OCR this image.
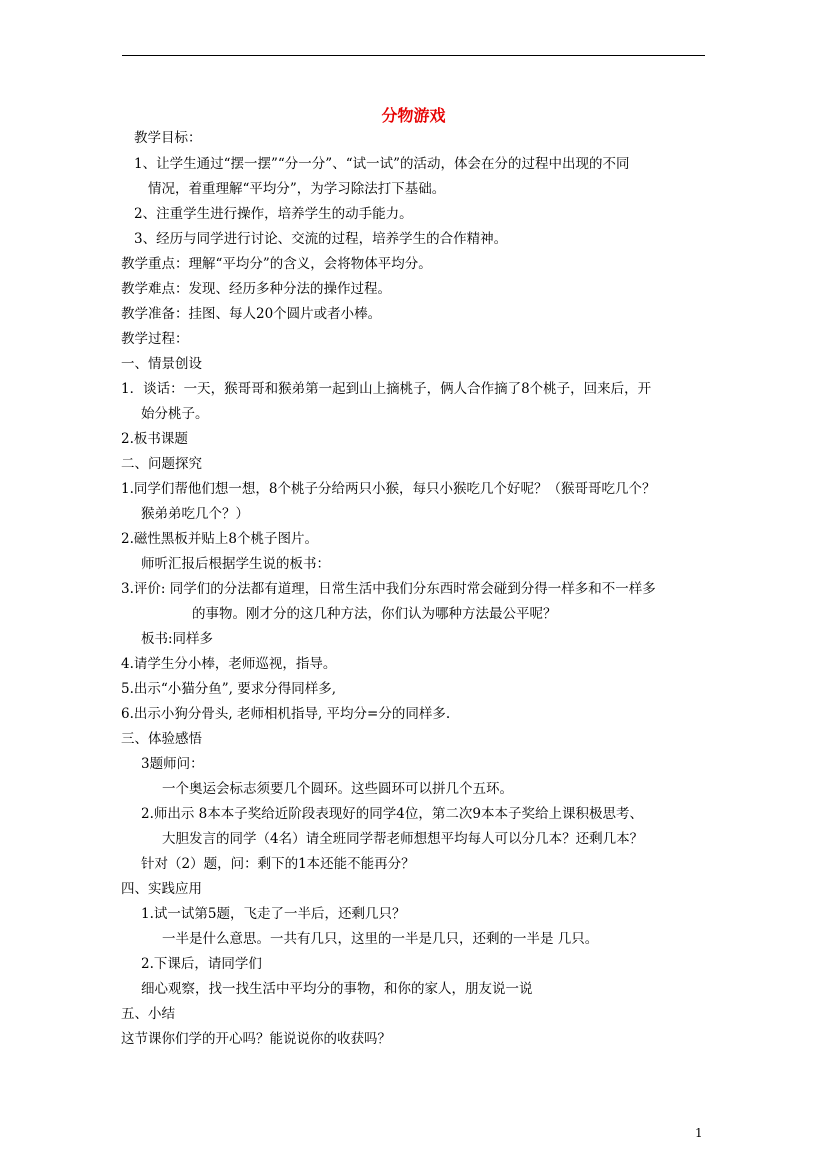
分物游戏
教学目标：
1、让学生通过“摆一摆”“分一分”、“试一试”的活动，体会在分的过程中出现的不同
情况，着重理解“平均分”，为学习除法打下基础。
2、注重学生进行操作，培养学生的动手能力。
3、经历与同学进行讨论、交流的过程，培养学生的合作精神。
教学重点：理解“平均分”的含义，会将物体平均分。
教学难点：发现、经历多种分法的操作过程。
教学准备：挂图、每人20个圆片或者小棒。
教学过程：
一、情景创设
1．谈话：一天，猴哥哥和猴弟第一起到山上摘桃子，俩人合作摘了8个桃子，回来后，开
始分桃子。
2.板书课题
二、问题探究
1.同学们帮他们想一想，8个桃子分给两只小猴，每只小猴吃几个好呢？（猴哥哥吃几个？
猴弟弟吃几个？）
2.磁性黑板并贴上8个桃子图片。
师听汇报后根据学生说的板书：
3.评价: 同学们的分法都有道理，日常生活中我们分东西时常会碰到分得一样多和不一样多
的事物。刚才分的这几种方法，你们认为哪种方法最公平呢？
板书:同样多
4.请学生分小棒，老师巡视，指导。
5.出示“小猫分鱼”, 要求分得同样多,
6.出示小狗分骨头, 老师相机指导, 平均分=分的同样多.
三、体验感悟
3题师问：
一个奥运会标志须要几个圆环。这些圆环可以拼几个五环。
2.师出示 8本本子奖给近阶段表现好的同学4位，第二次9本本子奖给上课积极思考、
大胆发言的同学（4名）请全班同学帮老师想想平均每人可以分几本？还剩几本？
针对（2）题，问：剩下的1本还能不能再分？
四、实践应用
1.试一试第5题，飞走了一半后，还剩几只？
一半是什么意思。一共有几只，这里的一半是几只，还剩的一半是 几只。
2.下课后，请同学们
细心观察，找一找生活中平均分的事物，和你的家人，朋友说一说
五、小结
这节课你们学的开心吗？能说说你的收获吗？
1
